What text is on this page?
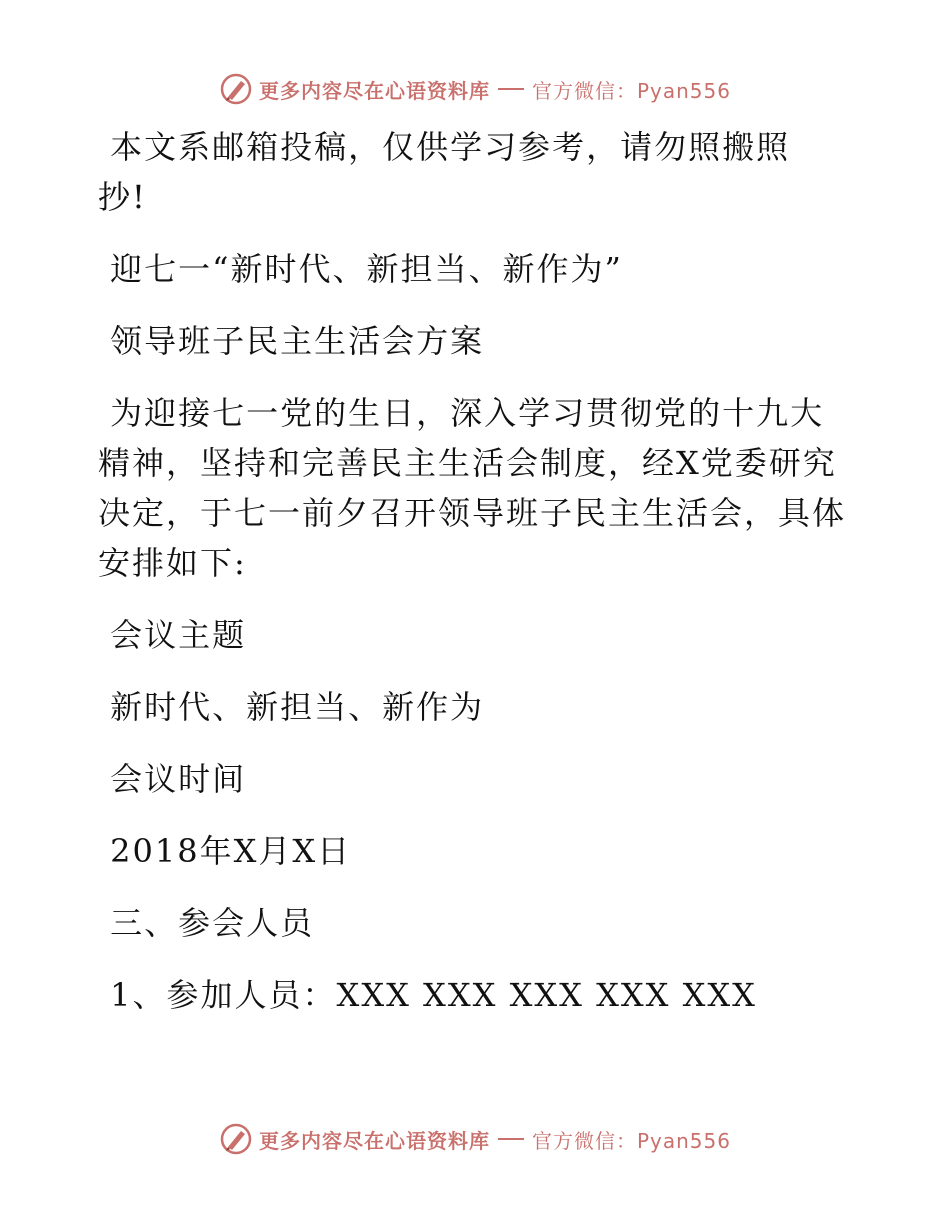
更多内容尽在心语资料库 官方微信：Pyan556

本文系邮箱投稿，仅供学习参考，请勿照搬照抄!

迎七一“新时代、新担当、新作为”

领导班子民主生活会方案

为迎接七一党的生日，深入学习贯彻党的十九大精神，坚持和完善民主生活会制度，经X党委研究决定，于七一前夕召开领导班子民主生活会，具体安排如下:

会议主题

新时代、新担当、新作为

会议时间

2018年X月X日

三、参会人员

1、参加人员：XXX XXX XXX XXX XXX

更多内容尽在心语资料库 官方微信：Pyan556
